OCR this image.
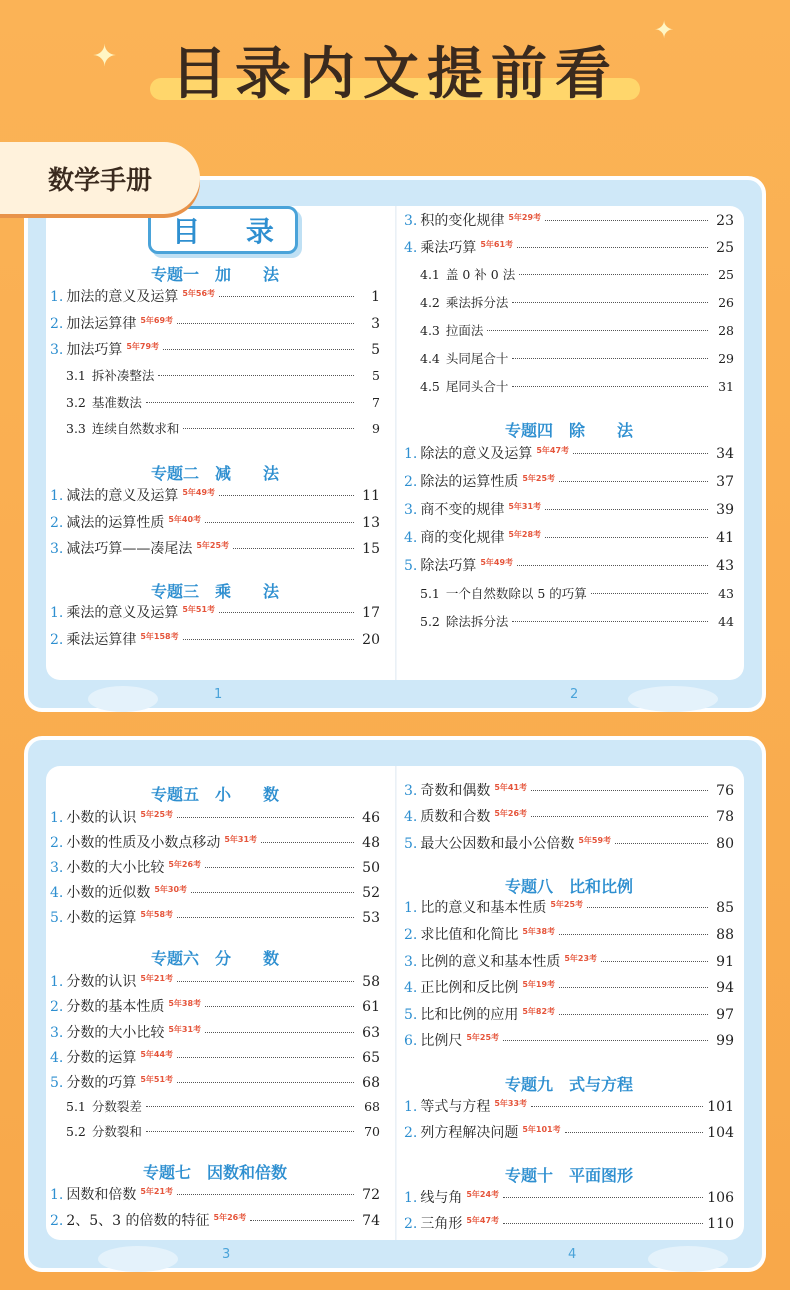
目录内文提前看
✦
✦
数学手册
目 录
专题一　加　　法
1. 加法的意义及运算 5年56考	1
2. 加法运算律 5年69考	3
3. 加法巧算 5年79考	5
3.1 拆补凑整法	5
3.2 基准数法	7
3.3 连续自然数求和	9
专题二　减　　法
1. 减法的意义及运算 5年49考	11
2. 减法的运算性质 5年40考	13
3. 减法巧算——凑尾法 5年25考	15
专题三　乘　　法
1. 乘法的意义及运算 5年51考	17
2. 乘法运算律 5年158考	20
3. 积的变化规律 5年29考	23
4. 乘法巧算 5年61考	25
4.1 盖 0 补 0 法	25
4.2 乘法拆分法	26
4.3 拉面法	28
4.4 头同尾合十	29
4.5 尾同头合十	31
专题四　除　　法
1. 除法的意义及运算 5年47考	34
2. 除法的运算性质 5年25考	37
3. 商不变的规律 5年31考	39
4. 商的变化规律 5年28考	41
5. 除法巧算 5年49考	43
5.1 一个自然数除以 5 的巧算	43
5.2 除法拆分法	44
1	2
专题五　小　　数
1. 小数的认识 5年25考	46
2. 小数的性质及小数点移动 5年31考	48
3. 小数的大小比较 5年26考	50
4. 小数的近似数 5年30考	52
5. 小数的运算 5年58考	53
专题六　分　　数
1. 分数的认识 5年21考	58
2. 分数的基本性质 5年38考	61
3. 分数的大小比较 5年31考	63
4. 分数的运算 5年44考	65
5. 分数的巧算 5年51考	68
5.1 分数裂差	68
5.2 分数裂和	70
专题七　因数和倍数
1. 因数和倍数 5年21考	72
2. 2、5、3 的倍数的特征 5年26考	74
3. 奇数和偶数 5年41考	76
4. 质数和合数 5年26考	78
5. 最大公因数和最小公倍数 5年59考	80
专题八　比和比例
1. 比的意义和基本性质 5年25考	85
2. 求比值和化简比 5年38考	88
3. 比例的意义和基本性质 5年23考	91
4. 正比例和反比例 5年19考	94
5. 比和比例的应用 5年82考	97
6. 比例尺 5年25考	99
专题九　式与方程
1. 等式与方程 5年33考	101
2. 列方程解决问题 5年101考	104
专题十　平面图形
1. 线与角 5年24考	106
2. 三角形 5年47考	110
3	4
